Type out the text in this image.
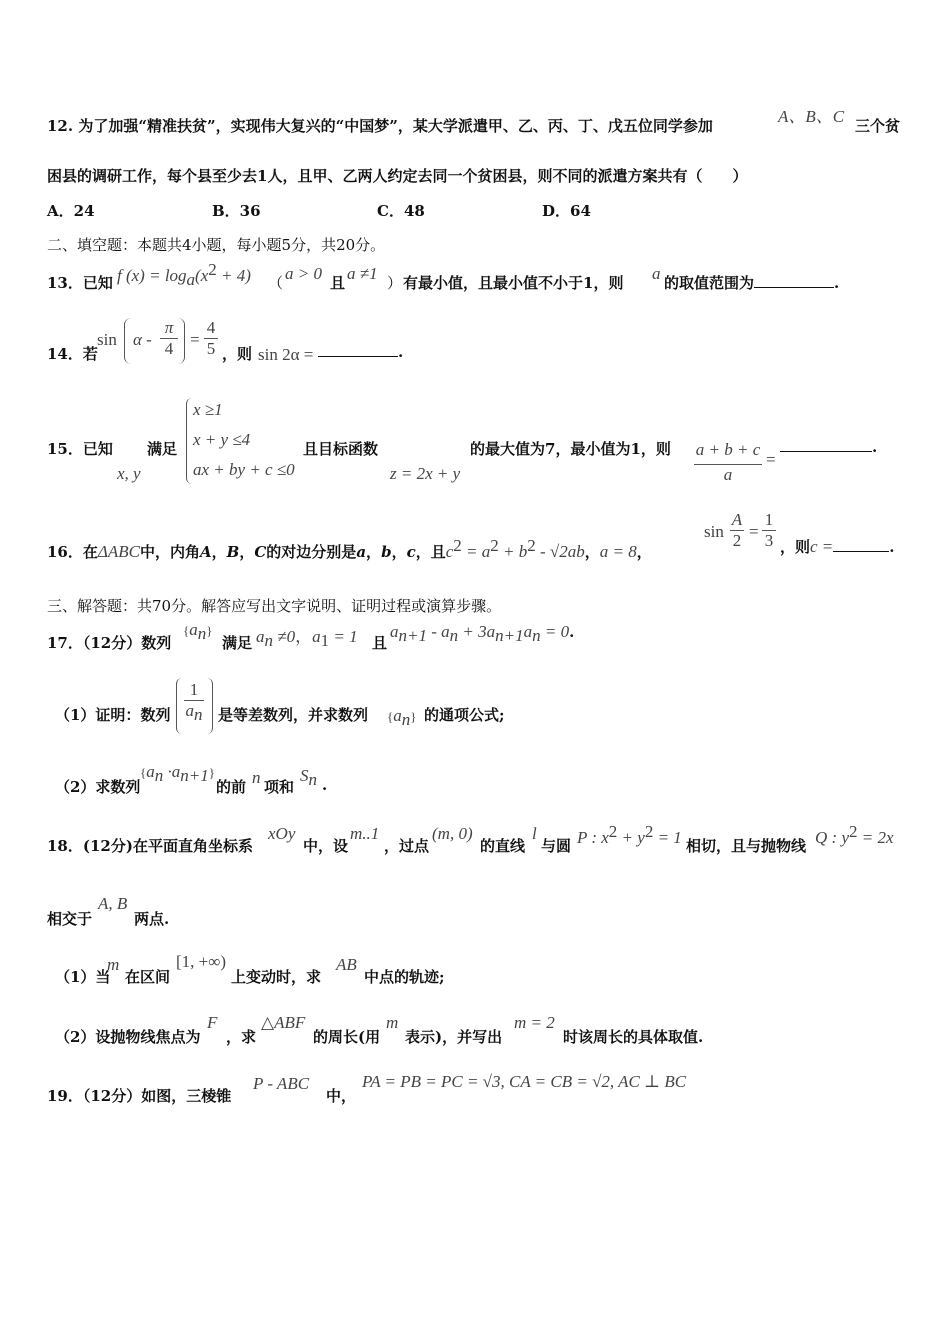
12. 为了加强“精准扶贫”，实现伟大复兴的“中国梦”，某大学派遣甲、乙、丙、丁、戊五位同学参加	A、B、C 三个贫
困县的调研工作，每个县至少去1人，且甲、乙两人约定去同一个贫困县，则不同的派遣方案共有（　　）
A．24	B．36	C．48	D．64
二、填空题：本题共4小题，每小题5分，共20分。
13．已知 f $(x) = \log_a(x^2 + 4)$ （ a > 0 且 a ≠1 ） 有最小值，且最小值不小于1，则 a 的取值范围为	.
14．若
$\sin \alpha - \frac{\pi}{4} = \frac{4}{5}$ ，则 sin 2α =	.
15．已知
x, y
满足
x ≥1
x + y ≤4
ax + by + c ≤0
且目标函数
z = 2x + y
的最大值为7，最小值为1，则 $\frac{a + b + c}{a}$ =
.
16．在ΔABC中，内角A，B，C的对边分别是a，b，c，且$c^2 = a^2 + b^2 - √2ab$，a = 8，
$\sin \frac{A}{2} = \frac{1}{3}$ ，则c =	.
三、解答题：共70分。解答应写出文字说明、证明过程或演算步骤。
17．（12分）数列
$\{a_n\}$
满足 $a_n \ne 0$，$a_1 = 1$ 且
$a_{n+1} - a_n + 3a_{n+1}a_n = 0$.
（1）证明：数列 $\frac{1}{a_n}$ 是等差数列，并求数列 $\{a_n\}$ 的通项公式;
（2）求数列
$\{a_n \cdot a_{n+1}\}$
的前 n 项和
$S_n$ .
18．(12分)在平面直角坐标系
xOy
中，设
m..1
，过点
(m, 0)
的直线
l
与圆 P : $x^2 + y^2 = 1$ 相切，且与抛物线 Q : $y^2 = 2x$
相交于
A, B
两点.
（1）当
m
在区间
[1, +∞)
上变动时，求
AB
中点的轨迹;
（2）设抛物线焦点为
F
，求
△ABF
的周长(用
m
表示)，并写出
m = 2
时该周长的具体取值.
19．（12分）如图，三棱锥
P - ABC
中，
PA = PB = PC = √3, CA = CB = √2, AC ⊥ BC
